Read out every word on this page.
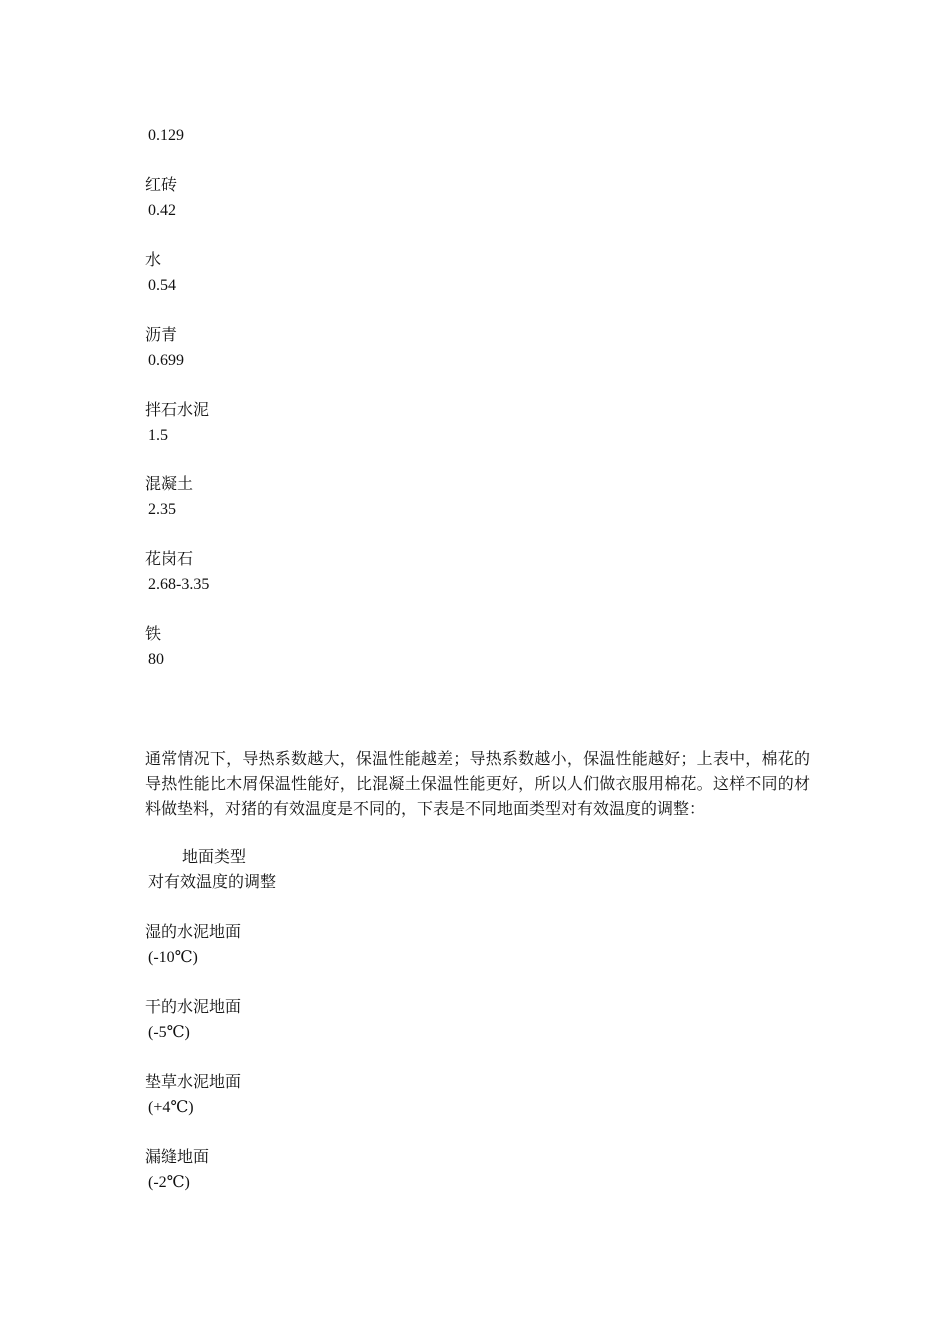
0.129
红砖
0.42
水
0.54
沥青
0.699
拌石水泥
1.5
混凝土
2.35
花岗石
2.68-3.35
铁
80
通常情况下，导热系数越大，保温性能越差；导热系数越小，保温性能越好；上表中，棉花的导热性能比木屑保温性能好，比混凝土保温性能更好，所以人们做衣服用棉花。这样不同的材料做垫料，对猪的有效温度是不同的，下表是不同地面类型对有效温度的调整：
地面类型
对有效温度的调整
湿的水泥地面
(-10℃)
干的水泥地面
(-5℃)
垫草水泥地面
(+4℃)
漏缝地面
(-2℃)
